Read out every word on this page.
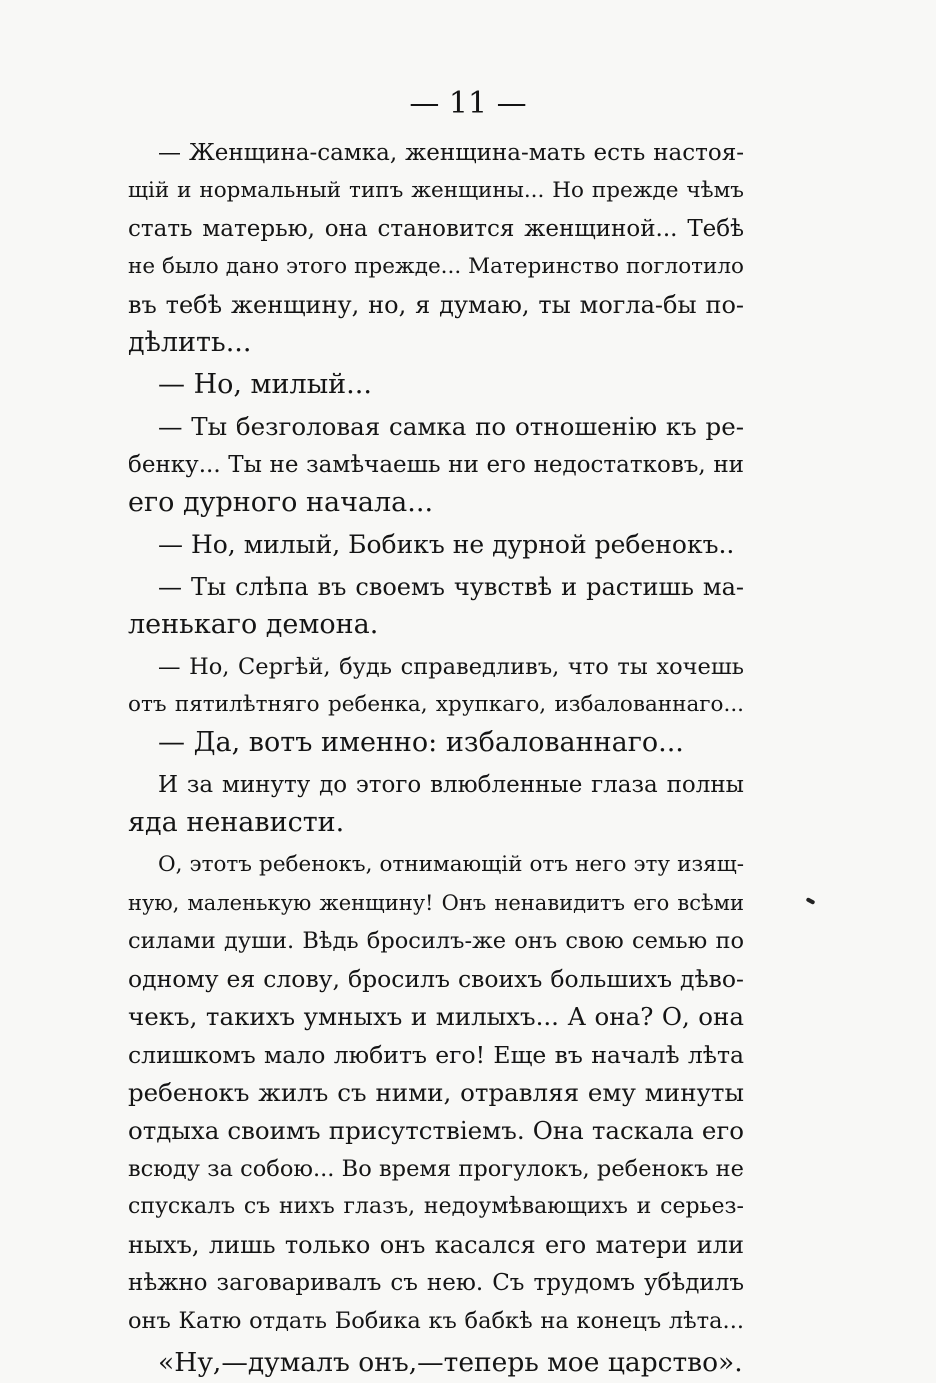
— 11 —
— Женщина-самка, женщина-мать есть настоя-
щій и нормальный типъ женщины... Но прежде чѣмъ
стать матерью, она становится женщиной... Тебѣ
не было дано этого прежде... Материнство поглотило
въ тебѣ женщину, но, я думаю, ты могла-бы по-
дѣлить...
— Но, милый...
— Ты безголовая самка по отношенію къ ре-
бенку... Ты не замѣчаешь ни его недостатковъ, ни
его дурного начала...
— Но, милый, Бобикъ не дурной ребенокъ..
— Ты слѣпа въ своемъ чувствѣ и растишь ма-
ленькаго демона.
— Но, Сергѣй, будь справедливъ, что ты хочешь
отъ пятилѣтняго ребенка, хрупкаго, избалованнаго...
— Да, вотъ именно: избалованнаго...
И за минуту до этого влюбленные глаза полны
яда ненависти.
О, этотъ ребенокъ, отнимающій отъ него эту изящ-
ную, маленькую женщину! Онъ ненавидитъ его всѣми
силами души. Вѣдь бросилъ-же онъ свою семью по
одному ея слову, бросилъ своихъ большихъ дѣво-
чекъ, такихъ умныхъ и милыхъ... А она? О, она
слишкомъ мало любитъ его! Еще въ началѣ лѣта
ребенокъ жилъ съ ними, отравляя ему минуты
отдыха своимъ присутствіемъ. Она таскала его
всюду за собою... Во время прогулокъ, ребенокъ не
спускалъ съ нихъ глазъ, недоумѣвающихъ и серьез-
ныхъ, лишь только онъ касался его матери или
нѣжно заговаривалъ съ нею. Съ трудомъ убѣдилъ
онъ Катю отдать Бобика къ бабкѣ на конецъ лѣта...
«Ну,—думалъ онъ,—теперь мое царство».
